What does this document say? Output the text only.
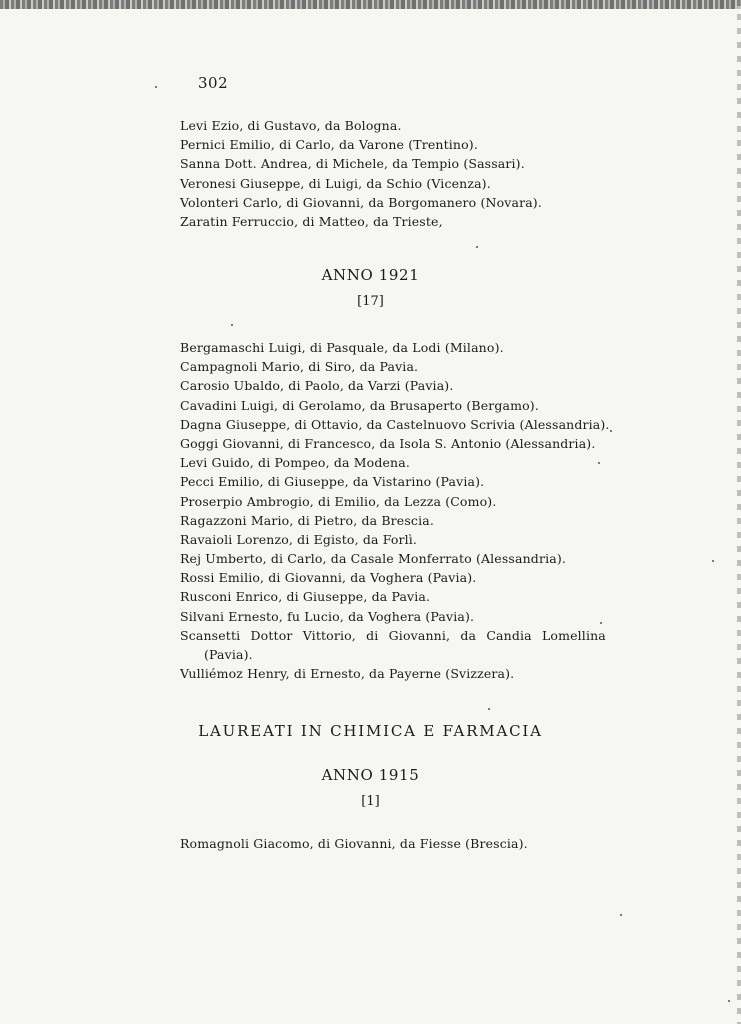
302
Levi Ezio, di Gustavo, da Bologna.
Pernici Emilio, di Carlo, da Varone (Trentino).
Sanna Dott. Andrea, di Michele, da Tempio (Sassari).
Veronesi Giuseppe, di Luigi, da Schio (Vicenza).
Volonteri Carlo, di Giovanni, da Borgomanero (Novara).
Zaratin Ferruccio, di Matteo, da Trieste,
ANNO 1921
[17]
Bergamaschi Luigi, di Pasquale, da Lodi (Milano).
Campagnoli Mario, di Siro, da Pavia.
Carosio Ubaldo, di Paolo, da Varzi (Pavia).
Cavadini Luigi, di Gerolamo, da Brusaperto (Bergamo).
Dagna Giuseppe, di Ottavio, da Castelnuovo Scrivia (Alessandria).
Goggi Giovanni, di Francesco, da Isola S. Antonio (Alessandria).
Levi Guido, di Pompeo, da Modena.
Pecci Emilio, di Giuseppe, da Vistarino (Pavia).
Proserpio Ambrogio, di Emilio, da Lezza (Como).
Ragazzoni Mario, di Pietro, da Brescia.
Ravaioli Lorenzo, di Egisto, da Forlì.
Rej Umberto, di Carlo, da Casale Monferrato (Alessandria).
Rossi Emilio, di Giovanni, da Voghera (Pavia).
Rusconi Enrico, di Giuseppe, da Pavia.
Silvani Ernesto, fu Lucio, da Voghera (Pavia).
Scansetti Dottor Vittorio, di Giovanni, da Candia Lomellina
(Pavia).
Vulliémoz Henry, di Ernesto, da Payerne (Svizzera).
LAUREATI IN CHIMICA E FARMACIA
ANNO 1915
[1]
Romagnoli Giacomo, di Giovanni, da Fiesse (Brescia).
